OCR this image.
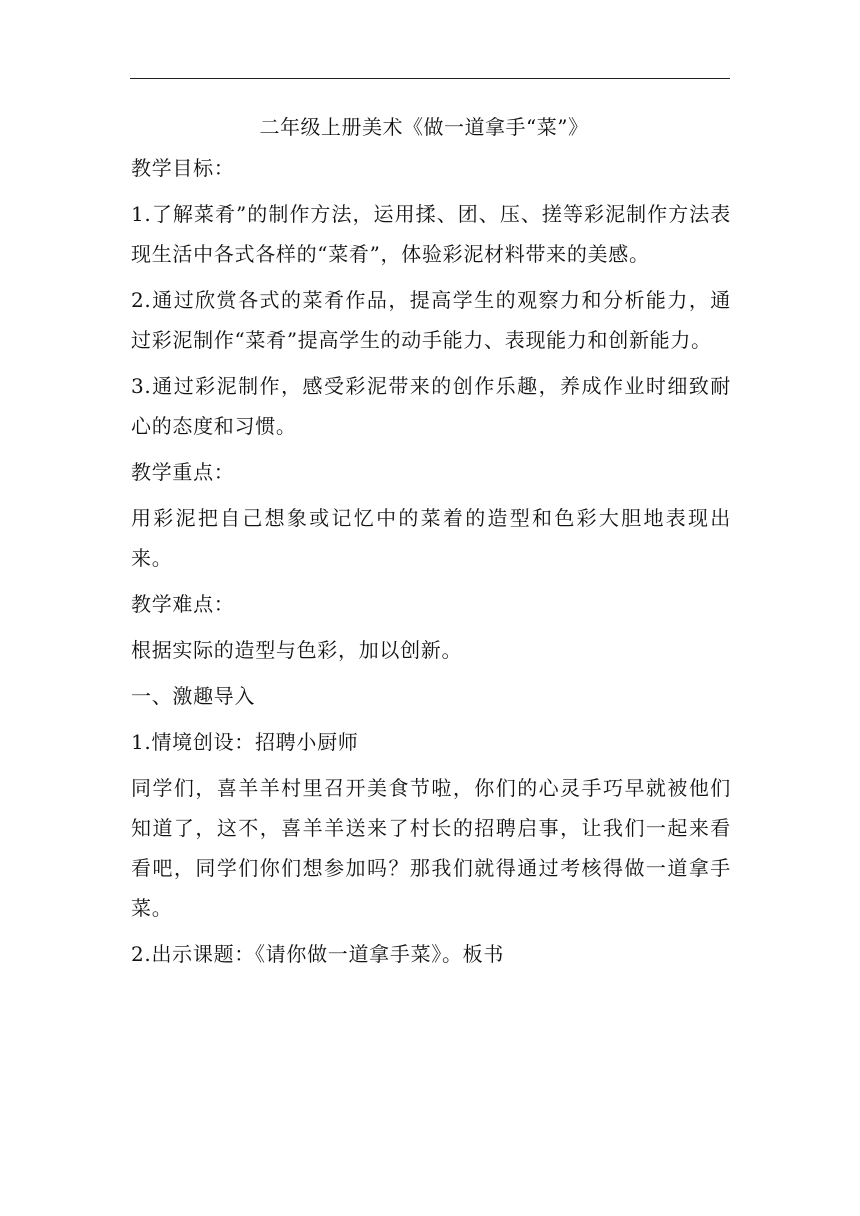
二年级上册美术《做一道拿手“菜”》

教学目标：

1.了解菜肴”的制作方法，运用揉、团、压、搓等彩泥制作方法表现生活中各式各样的“菜肴”，体验彩泥材料带来的美感。

2.通过欣赏各式的菜肴作品，提高学生的观察力和分析能力，通过彩泥制作“菜肴”提高学生的动手能力、表现能力和创新能力。

3.通过彩泥制作，感受彩泥带来的创作乐趣，养成作业时细致耐心的态度和习惯。

教学重点：

用彩泥把自己想象或记忆中的菜着的造型和色彩大胆地表现出来。

教学难点：

根据实际的造型与色彩，加以创新。

一、激趣导入

1.情境创设：招聘小厨师

同学们，喜羊羊村里召开美食节啦，你们的心灵手巧早就被他们知道了，这不，喜羊羊送来了村长的招聘启事，让我们一起来看看吧，同学们你们想参加吗？那我们就得通过考核得做一道拿手菜。

2.出示课题：《请你做一道拿手菜》。板书
